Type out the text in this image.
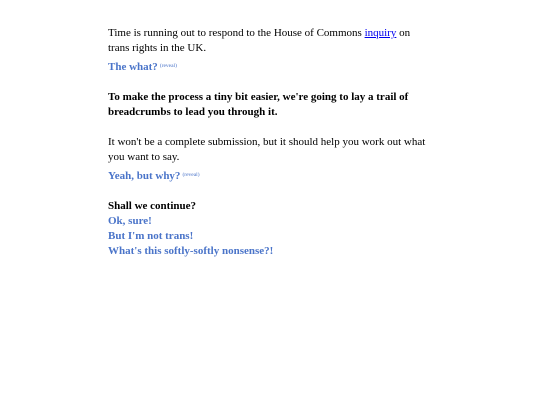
Time is running out to respond to the House of Commons inquiry on trans rights in the UK.

The what? $^{(reveal)}$

To make the process a tiny bit easier, we're going to lay a trail of breadcrumbs to lead you through it.

It won't be a complete submission, but it should help you work out what you want to say.

Yeah, but why? $^{(reveal)}$
Shall we continue?
Ok, sure!
But I'm not trans!
What's this softly-softly nonsense?!
